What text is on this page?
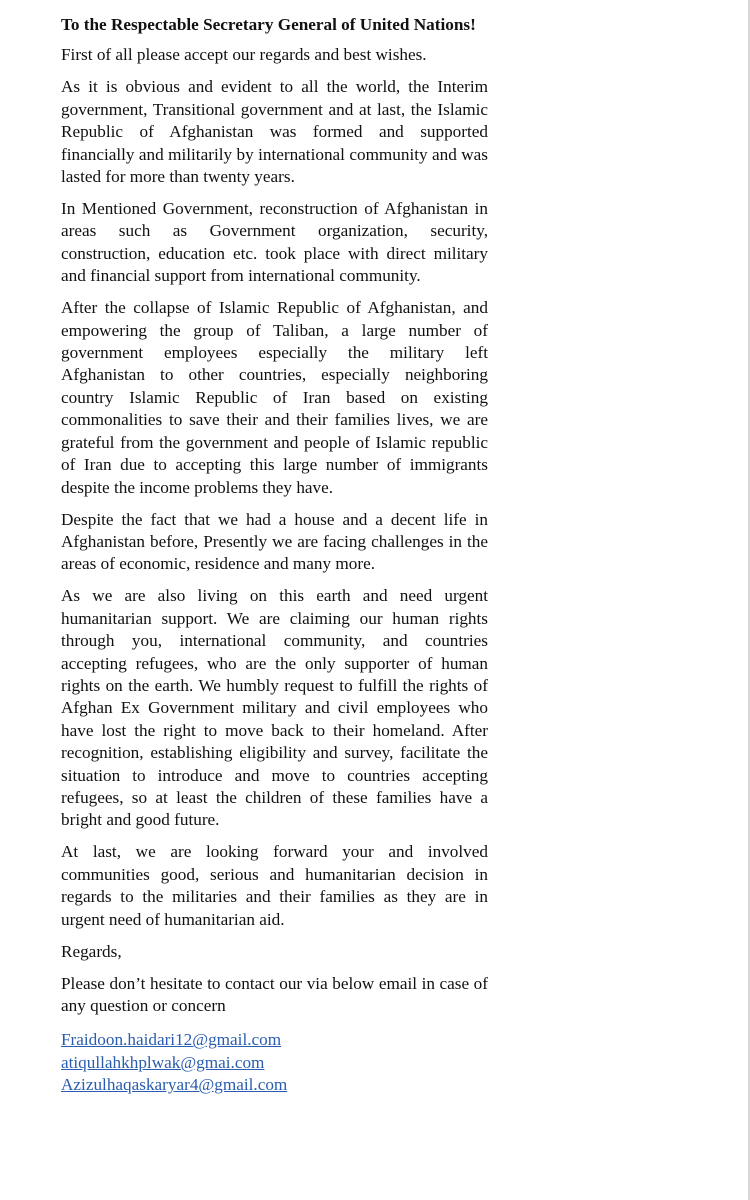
To the Respectable Secretary General of United Nations!

First of all please accept our regards and best wishes.

As it is obvious and evident to all the world, the Interim government, Transitional government and at last, the Islamic Republic of Afghanistan was formed and supported financially and militarily by international community and was lasted for more than twenty years.

In Mentioned Government, reconstruction of Afghanistan in areas such as Government organization, security, construction, education etc. took place with direct military and financial support from international community.

After the collapse of Islamic Republic of Afghanistan, and empowering the group of Taliban, a large number of government employees especially the military left Afghanistan to other countries, especially neighboring country Islamic Republic of Iran based on existing commonalities to save their and their families lives, we are grateful from the government and people of Islamic republic of Iran due to accepting this large number of immigrants despite the income problems they have.

Despite the fact that we had a house and a decent life in Afghanistan before, Presently we are facing challenges in the areas of economic, residence and many more.

As we are also living on this earth and need urgent humanitarian support. We are claiming our human rights through you, international community, and countries accepting refugees, who are the only supporter of human rights on the earth. We humbly request to fulfill the rights of Afghan Ex Government military and civil employees who have lost the right to move back to their homeland. After recognition, establishing eligibility and survey, facilitate the situation to introduce and move to countries accepting refugees, so at least the children of these families have a bright and good future.

At last, we are looking forward your and involved communities good, serious and humanitarian decision in regards to the militaries and their families as they are in urgent need of humanitarian aid.

Regards,

Please don’t hesitate to contact our via below email in case of any question or concern

Fraidoon.haidari12@gmail.com
atiqullahkhplwak@gmai.com
Azizulhaqaskaryar4@gmail.com
